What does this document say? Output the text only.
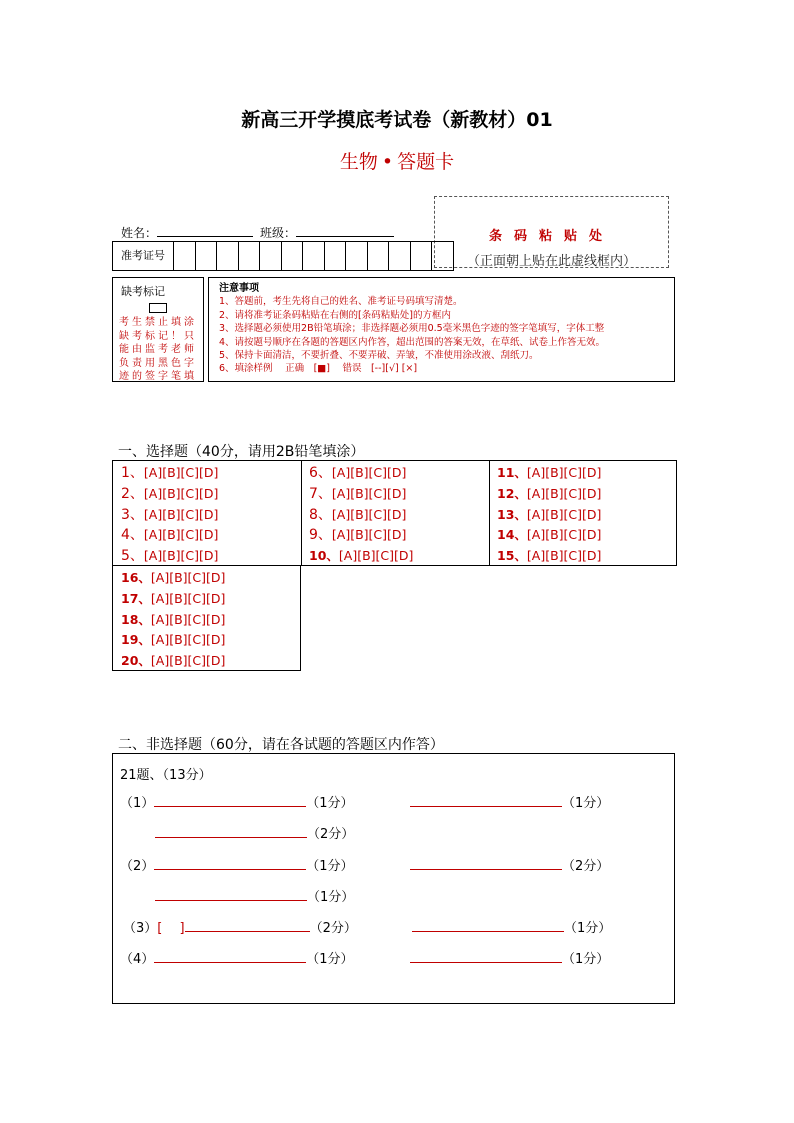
新高三开学摸底考试卷（新教材）01
生物 • 答题卡
姓名：	班级：	条码粘贴处
（正面朝上贴在此虚线框内）
准考证号
缺考标记
考生禁止填涂缺考标记！只能由监考老师负责用黑色字迹的签字笔填
注意事项
1、答题前，考生先将自己的姓名、准考证号码填写清楚。
2、请将准考证条码粘贴在右侧的[条码粘贴处]的方框内
3、选择题必须使用2B铅笔填涂；非选择题必须用0.5毫米黑色字迹的签字笔填写，字体工整
4、请按题号顺序在各题的答题区内作答，超出范围的答案无效，在草纸、试卷上作答无效。
5、保持卡面清洁，不要折叠、不要弄破、弄皱，不准使用涂改液、刮纸刀。
6、填涂样例　 正确　[■]　 错误　[--][√] [×]
一、选择题（40分，请用2B铅笔填涂）
1、[A][B][C][D]
2、[A][B][C][D]
3、[A][B][C][D]
4、[A][B][C][D]
5、[A][B][C][D]
6、[A][B][C][D]
7、[A][B][C][D]
8、[A][B][C][D]
9、[A][B][C][D]
10、[A][B][C][D]
11、[A][B][C][D]
12、[A][B][C][D]
13、[A][B][C][D]
14、[A][B][C][D]
15、[A][B][C][D]
16、[A][B][C][D]
17、[A][B][C][D]
18、[A][B][C][D]
19、[A][B][C][D]
20、[A][B][C][D]
二、非选择题（60分，请在各试题的答题区内作答）
21题、（13分）
（1）	（1分）	（1分）
（2分）
（2）	（1分）	（2分）
（1分）
（3）[　 ]	（2分）	（1分）
（4）	（1分）	（1分）
